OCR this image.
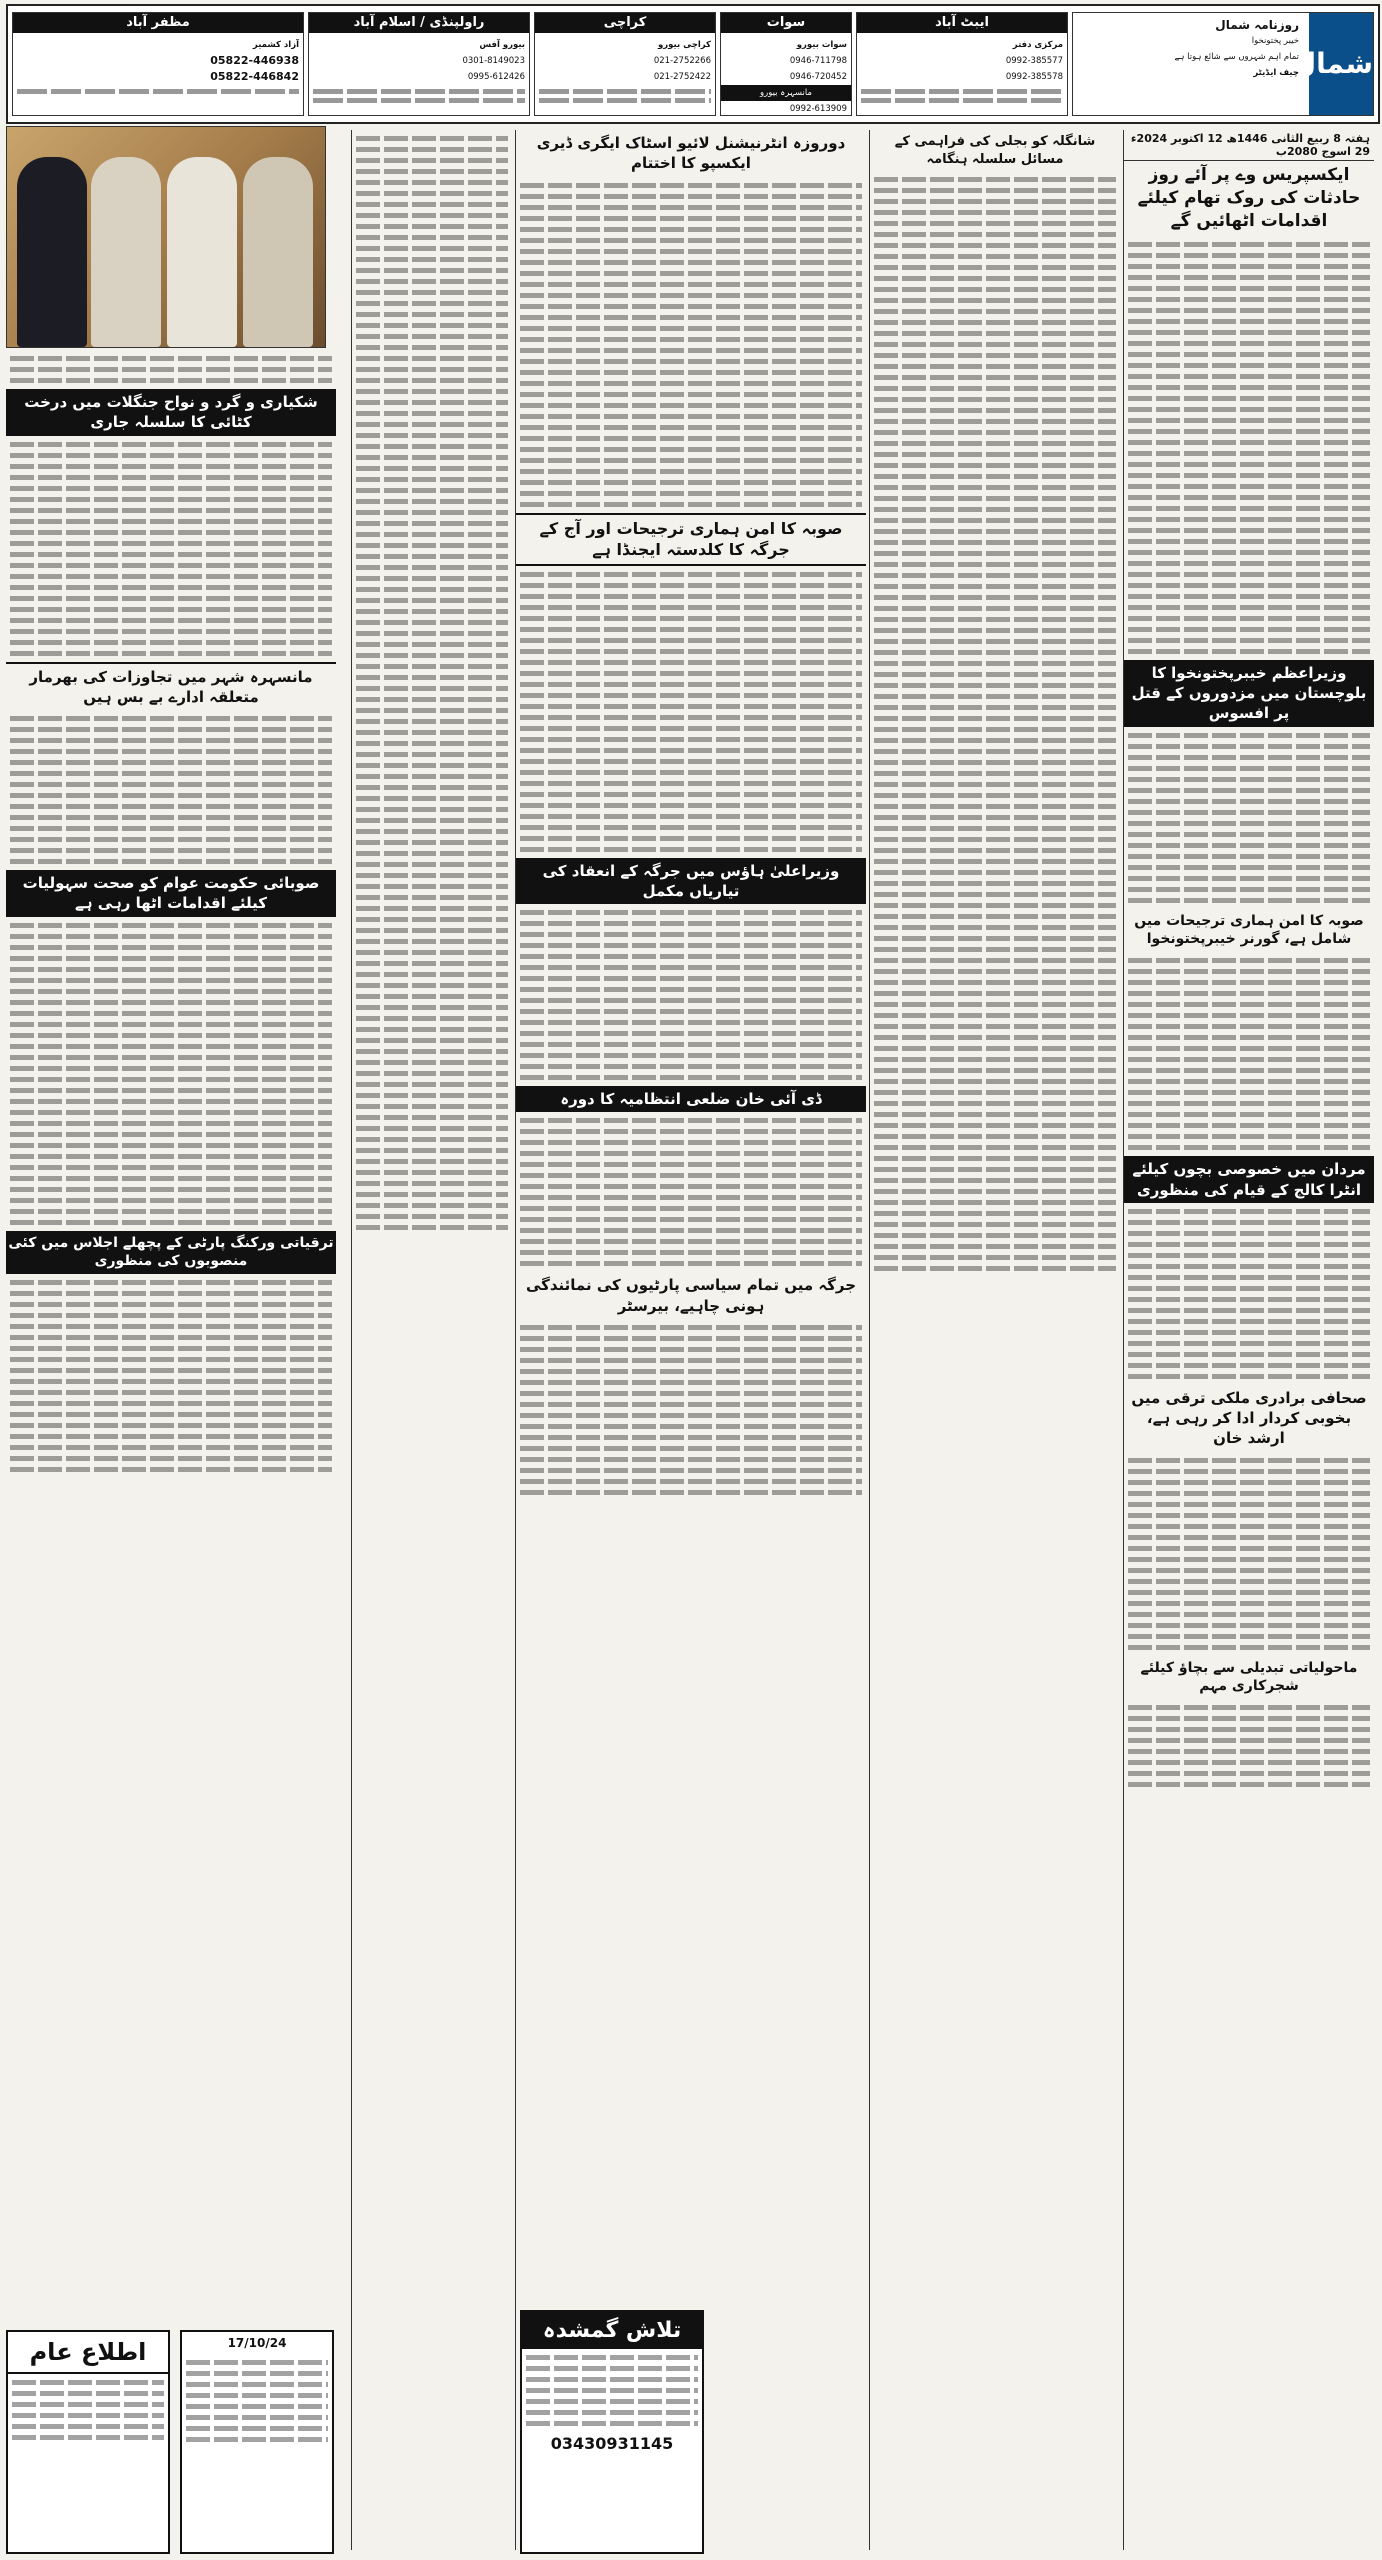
شمال
روزنامہ شمال
خیبر پختونخوا
تمام اہم شہروں سے شائع ہوتا ہے
چیف ایڈیٹر
ایبٹ آباد
مرکزی دفتر
0992-385577
0992-385578
سوات
سوات بیورو
0946-711798
0946-720452
مانسہرہ بیورو
0992-613909
کراچی
کراچی بیورو
021-2752266
021-2752422
راولپنڈی / اسلام آباد
بیورو آفس
0301-8149023
0995-612426
مظفر آباد
آزاد کشمیر
05822-446938
05822-446842
ہفتہ 8 ربیع الثانی 1446ھ 12 اکتوبر 2024ء 29 اسوج 2080ب
ایکسپریس وے پر آئے روز حادثات کی روک تھام کیلئے اقدامات اٹھائیں گے
وزیراعظم خیبرپختونخوا کا بلوچستان میں مزدوروں کے قتل پر افسوس
صوبہ کا امن ہماری ترجیحات میں شامل ہے، گورنر خیبرپختونخوا
مردان میں خصوصی بچوں کیلئے انٹرا کالج کے قیام کی منظوری
صحافی برادری ملکی ترقی میں بخوبی کردار ادا کر رہی ہے، ارشد خان
ماحولیاتی تبدیلی سے بچاؤ کیلئے شجرکاری مہم
شانگلہ کو بجلی کی فراہمی کے مسائل سلسلہ ہنگامہ
دوروزہ انٹرنیشنل لائیو اسٹاک ایگری ڈیری ایکسپو کا اختتام
صوبہ کا امن ہماری ترجیحات اور آج کے جرگہ کا کلدستہ ایجنڈا ہے
وزیراعلیٰ ہاؤس میں جرگہ کے انعقاد کی تیاریاں مکمل
ڈی آئی خان ضلعی انتظامیہ کا دورہ
جرگہ میں تمام سیاسی پارٹیوں کی نمائندگی ہونی چاہیے، بیرسٹر
شکیاری و گرد و نواح جنگلات میں درخت کٹائی کا سلسلہ جاری
مانسہرہ شہر میں تجاوزات کی بھرمار متعلقہ ادارے بے بس ہیں
صوبائی حکومت عوام کو صحت سہولیات کیلئے اقدامات اٹھا رہی ہے
ترقیاتی ورکنگ پارٹی کے پچھلے اجلاس میں کئی منصوبوں کی منظوری
تلاش گمشدہ
03430931145
اطلاع عام	17/10/24
